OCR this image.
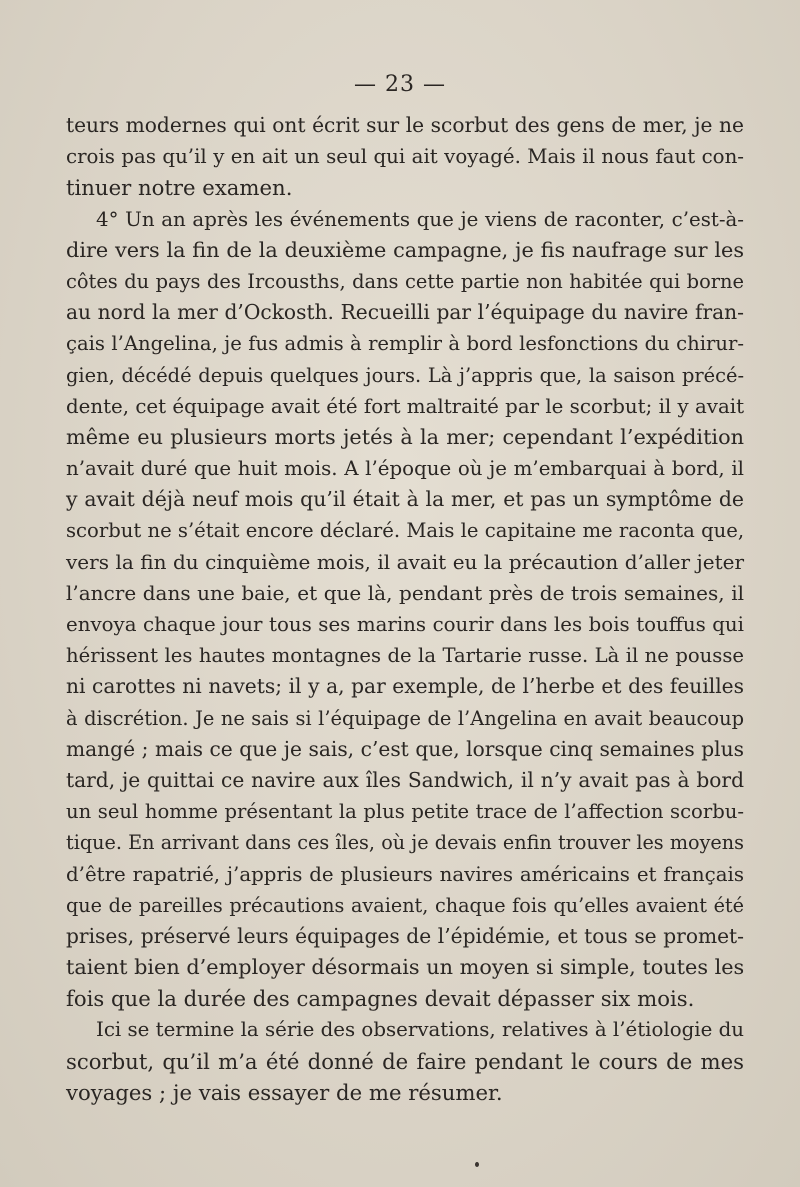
— 23 —
teurs modernes qui ont écrit sur le scorbut des gens de mer, je ne
crois pas qu’il y en ait un seul qui ait voyagé. Mais il nous faut con-
tinuer notre examen.
4° Un an après les événements que je viens de raconter, c’est-à-
dire vers la fin de la deuxième campagne, je fis naufrage sur les
côtes du pays des Ircousths, dans cette partie non habitée qui borne
au nord la mer d’Ockosth. Recueilli par l’équipage du navire fran-
çais l’Angelina, je fus admis à remplir à bord lesfonctions du chirur-
gien, décédé depuis quelques jours. Là j’appris que, la saison précé-
dente, cet équipage avait été fort maltraité par le scorbut; il y avait
même eu plusieurs morts jetés à la mer; cependant l’expédition
n’avait duré que huit mois. A l’époque où je m’embarquai à bord, il
y avait déjà neuf mois qu’il était à la mer, et pas un symptôme de
scorbut ne s’était encore déclaré. Mais le capitaine me raconta que,
vers la fin du cinquième mois, il avait eu la précaution d’aller jeter
l’ancre dans une baie, et que là, pendant près de trois semaines, il
envoya chaque jour tous ses marins courir dans les bois touffus qui
hérissent les hautes montagnes de la Tartarie russe. Là il ne pousse
ni carottes ni navets; il y a, par exemple, de l’herbe et des feuilles
à discrétion. Je ne sais si l’équipage de l’Angelina en avait beaucoup
mangé ; mais ce que je sais, c’est que, lorsque cinq semaines plus
tard, je quittai ce navire aux îles Sandwich, il n’y avait pas à bord
un seul homme présentant la plus petite trace de l’affection scorbu-
tique. En arrivant dans ces îles, où je devais enfin trouver les moyens
d’être rapatrié, j’appris de plusieurs navires américains et français
que de pareilles précautions avaient, chaque fois qu’elles avaient été
prises, préservé leurs équipages de l’épidémie, et tous se promet-
taient bien d’employer désormais un moyen si simple, toutes les
fois que la durée des campagnes devait dépasser six mois.
Ici se termine la série des observations, relatives à l’étiologie du
scorbut, qu’il m’a été donné de faire pendant le cours de mes
voyages ; je vais essayer de me résumer.
